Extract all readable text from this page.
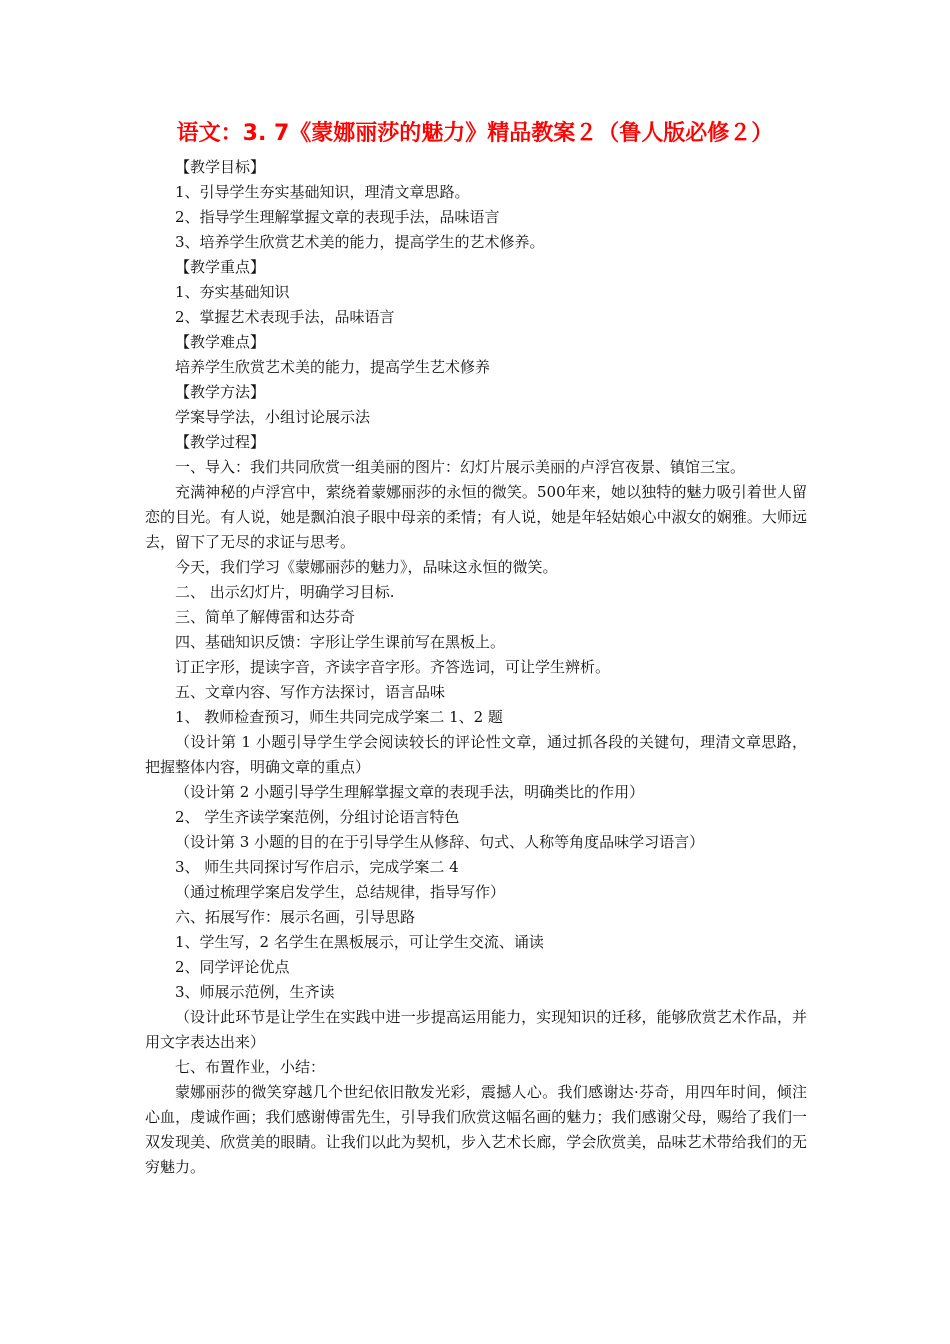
语文：3. 7《蒙娜丽莎的魅力》精品教案２（鲁人版必修２）
【教学目标】
1、引导学生夯实基础知识，理清文章思路。
2、指导学生理解掌握文章的表现手法，品味语言
3、培养学生欣赏艺术美的能力，提高学生的艺术修养。
【教学重点】
1、夯实基础知识
2、掌握艺术表现手法，品味语言
【教学难点】
培养学生欣赏艺术美的能力，提高学生艺术修养
【教学方法】
学案导学法，小组讨论展示法
【教学过程】
一、导入：我们共同欣赏一组美丽的图片：幻灯片展示美丽的卢浮宫夜景、镇馆三宝。

充满神秘的卢浮宫中，萦绕着蒙娜丽莎的永恒的微笑。500年来，她以独特的魅力吸引着世人留恋的目光。有人说，她是飘泊浪子眼中母亲的柔情；有人说，她是年轻姑娘心中淑女的娴雅。大师远去，留下了无尽的求证与思考。

今天，我们学习《蒙娜丽莎的魅力》，品味这永恒的微笑。
二、 出示幻灯片，明确学习目标.
三、简单了解傅雷和达芬奇
四、基础知识反馈：字形让学生课前写在黑板上。
订正字形，提读字音，齐读字音字形。齐答选词，可让学生辨析。
五、文章内容、写作方法探讨，语言品味
1、 教师检查预习，师生共同完成学案二 1、2 题

（设计第 1 小题引导学生学会阅读较长的评论性文章，通过抓各段的关键句，理清文章思路，把握整体内容，明确文章的重点）

（设计第 2 小题引导学生理解掌握文章的表现手法，明确类比的作用）
2、 学生齐读学案范例，分组讨论语言特色
（设计第 3 小题的目的在于引导学生从修辞、句式、人称等角度品味学习语言）
3、 师生共同探讨写作启示，完成学案二 4
（通过梳理学案启发学生，总结规律，指导写作）
六、拓展写作：展示名画，引导思路
1、学生写，2 名学生在黑板展示，可让学生交流、诵读
2、同学评论优点
3、师展示范例，生齐读

（设计此环节是让学生在实践中进一步提高运用能力，实现知识的迁移，能够欣赏艺术作品，并用文字表达出来）

七、布置作业，小结：

蒙娜丽莎的微笑穿越几个世纪依旧散发光彩，震撼人心。我们感谢达·芬奇，用四年时间，倾注心血，虔诚作画；我们感谢傅雷先生，引导我们欣赏这幅名画的魅力；我们感谢父母，赐给了我们一双发现美、欣赏美的眼睛。让我们以此为契机，步入艺术长廊，学会欣赏美，品味艺术带给我们的无穷魅力。
